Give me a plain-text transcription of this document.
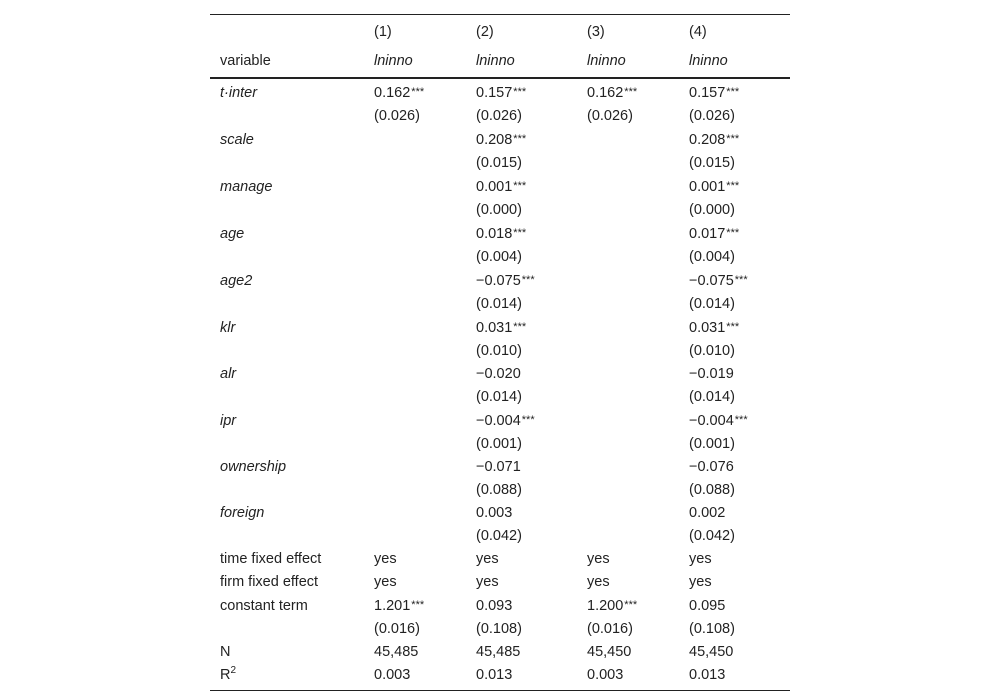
	(1)	(2)	(3)	(4)
variable	lninno	lninno	lninno	lninno
t·inter	0.162***	0.157***	0.162***	0.157***
	(0.026)	(0.026)	(0.026)	(0.026)
scale		0.208***		0.208***
		(0.015)		(0.015)
manage		0.001***		0.001***
		(0.000)		(0.000)
age		0.018***		0.017***
		(0.004)		(0.004)
age2		−0.075***		−0.075***
		(0.014)		(0.014)
klr		0.031***		0.031***
		(0.010)		(0.010)
alr		−0.020		−0.019
		(0.014)		(0.014)
ipr		−0.004***		−0.004***
		(0.001)		(0.001)
ownership		−0.071		−0.076
		(0.088)		(0.088)
foreign		0.003		0.002
		(0.042)		(0.042)
time fixed effect	yes	yes	yes	yes
firm fixed effect	yes	yes	yes	yes
constant term	1.201***	0.093	1.200***	0.095
	(0.016)	(0.108)	(0.016)	(0.108)
N	45,485	45,485	45,450	45,450
$R^2$	0.003	0.013	0.003	0.013
